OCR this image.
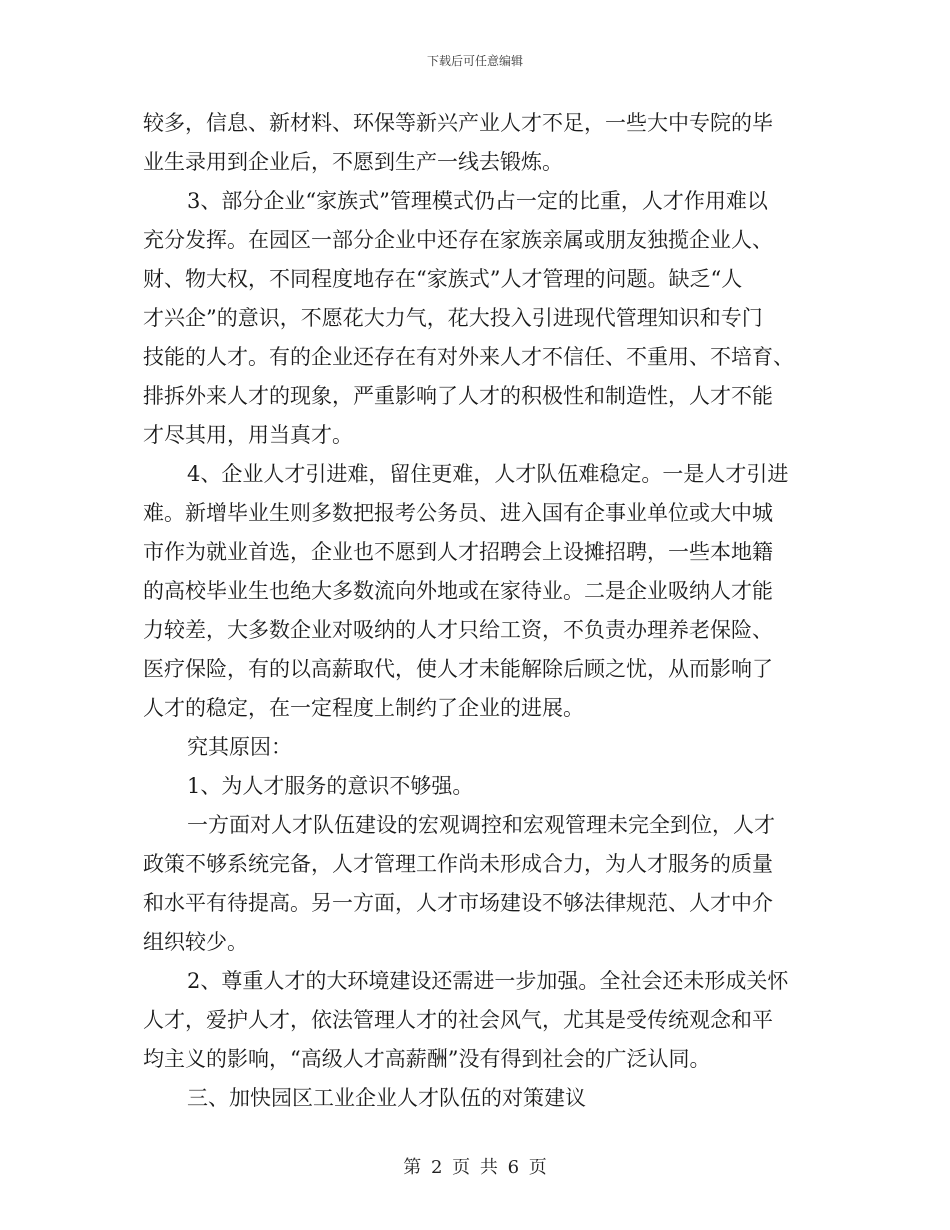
下载后可任意编辑
较多，信息、新材料、环保等新兴产业人才不足，一些大中专院的毕
业生录用到企业后，不愿到生产一线去锻炼。
3、部分企业“家族式”管理模式仍占一定的比重，人才作用难以
充分发挥。在园区一部分企业中还存在家族亲属或朋友独揽企业人、
财、物大权，不同程度地存在“家族式”人才管理的问题。缺乏“人
才兴企”的意识，不愿花大力气，花大投入引进现代管理知识和专门
技能的人才。有的企业还存在有对外来人才不信任、不重用、不培育、
排拆外来人才的现象，严重影响了人才的积极性和制造性，人才不能
才尽其用，用当真才。
4、企业人才引进难，留住更难，人才队伍难稳定。一是人才引进
难。新增毕业生则多数把报考公务员、进入国有企事业单位或大中城
市作为就业首选，企业也不愿到人才招聘会上设摊招聘，一些本地籍
的高校毕业生也绝大多数流向外地或在家待业。二是企业吸纳人才能
力较差，大多数企业对吸纳的人才只给工资，不负责办理养老保险、
医疗保险，有的以高薪取代，使人才未能解除后顾之忧，从而影响了
人才的稳定，在一定程度上制约了企业的进展。
究其原因：
1、为人才服务的意识不够强。
一方面对人才队伍建设的宏观调控和宏观管理未完全到位，人才
政策不够系统完备，人才管理工作尚未形成合力，为人才服务的质量
和水平有待提高。另一方面，人才市场建设不够法律规范、人才中介
组织较少。
2、尊重人才的大环境建设还需进一步加强。全社会还未形成关怀
人才，爱护人才，依法管理人才的社会风气，尤其是受传统观念和平
均主义的影响，“高级人才高薪酬”没有得到社会的广泛认同。
三、加快园区工业企业人才队伍的对策建议
第 2 页 共 6 页
